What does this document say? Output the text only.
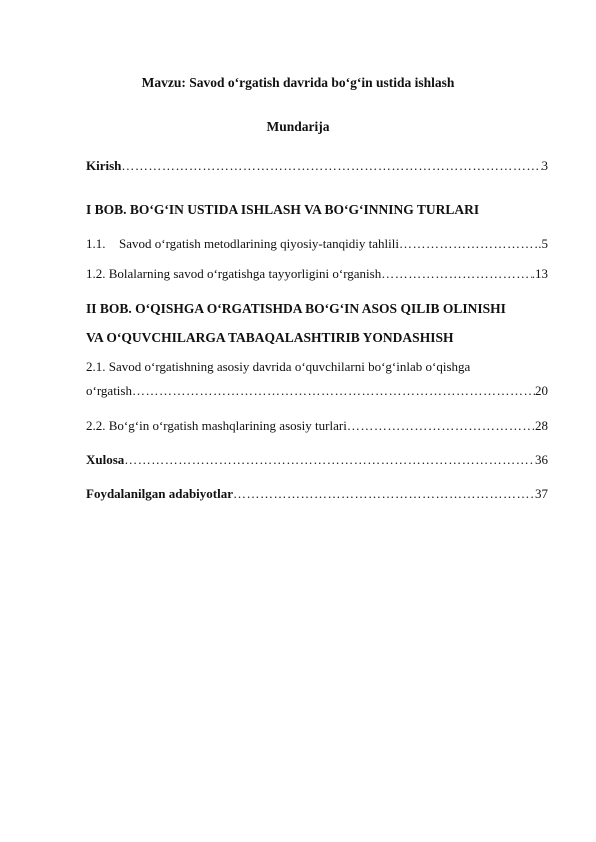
Mavzu: Savod o‘rgatish davrida bo‘g‘in ustida ishlash
Mundarija
Kirish ……………………………………………………………………………………………………………………………………………………………………	3
I BOB. BO‘G‘IN USTIDA ISHLASH VA BO‘G‘INNING TURLARI
1.1. Savod o‘rgatish metodlarining qiyosiy-tanqidiy tahlili ……………………………………………………………………………………………………………………………………………………………………	.5
1.2. Bolalarning savod o‘rgatishga tayyorligini o‘rganish ……………………………………………………………………………………………………………………………………………………………………	.13
II BOB. O‘QISHGA O‘RGATISHDA BO‘G‘IN ASOS QILIB OLINISHI
VA O‘QUVCHILARGA TABAQALASHTIRIB YONDASHISH
2.1. Savod o‘rgatishning asosiy davrida o‘quvchilarni bo‘g‘inlab o‘qishga
o‘rgatish ……………………………………………………………………………………………………………………………………………………………………	20
2.2. Bo‘g‘in o‘rgatish mashqlarining asosiy turlari ……………………………………………………………………………………………………………………………………………………………………	.28
Xulosa ……………………………………………………………………………………………………………………………………………………………………	36
Foydalanilgan adabiyotlar ……………………………………………………………………………………………………………………………………………………………………	37
